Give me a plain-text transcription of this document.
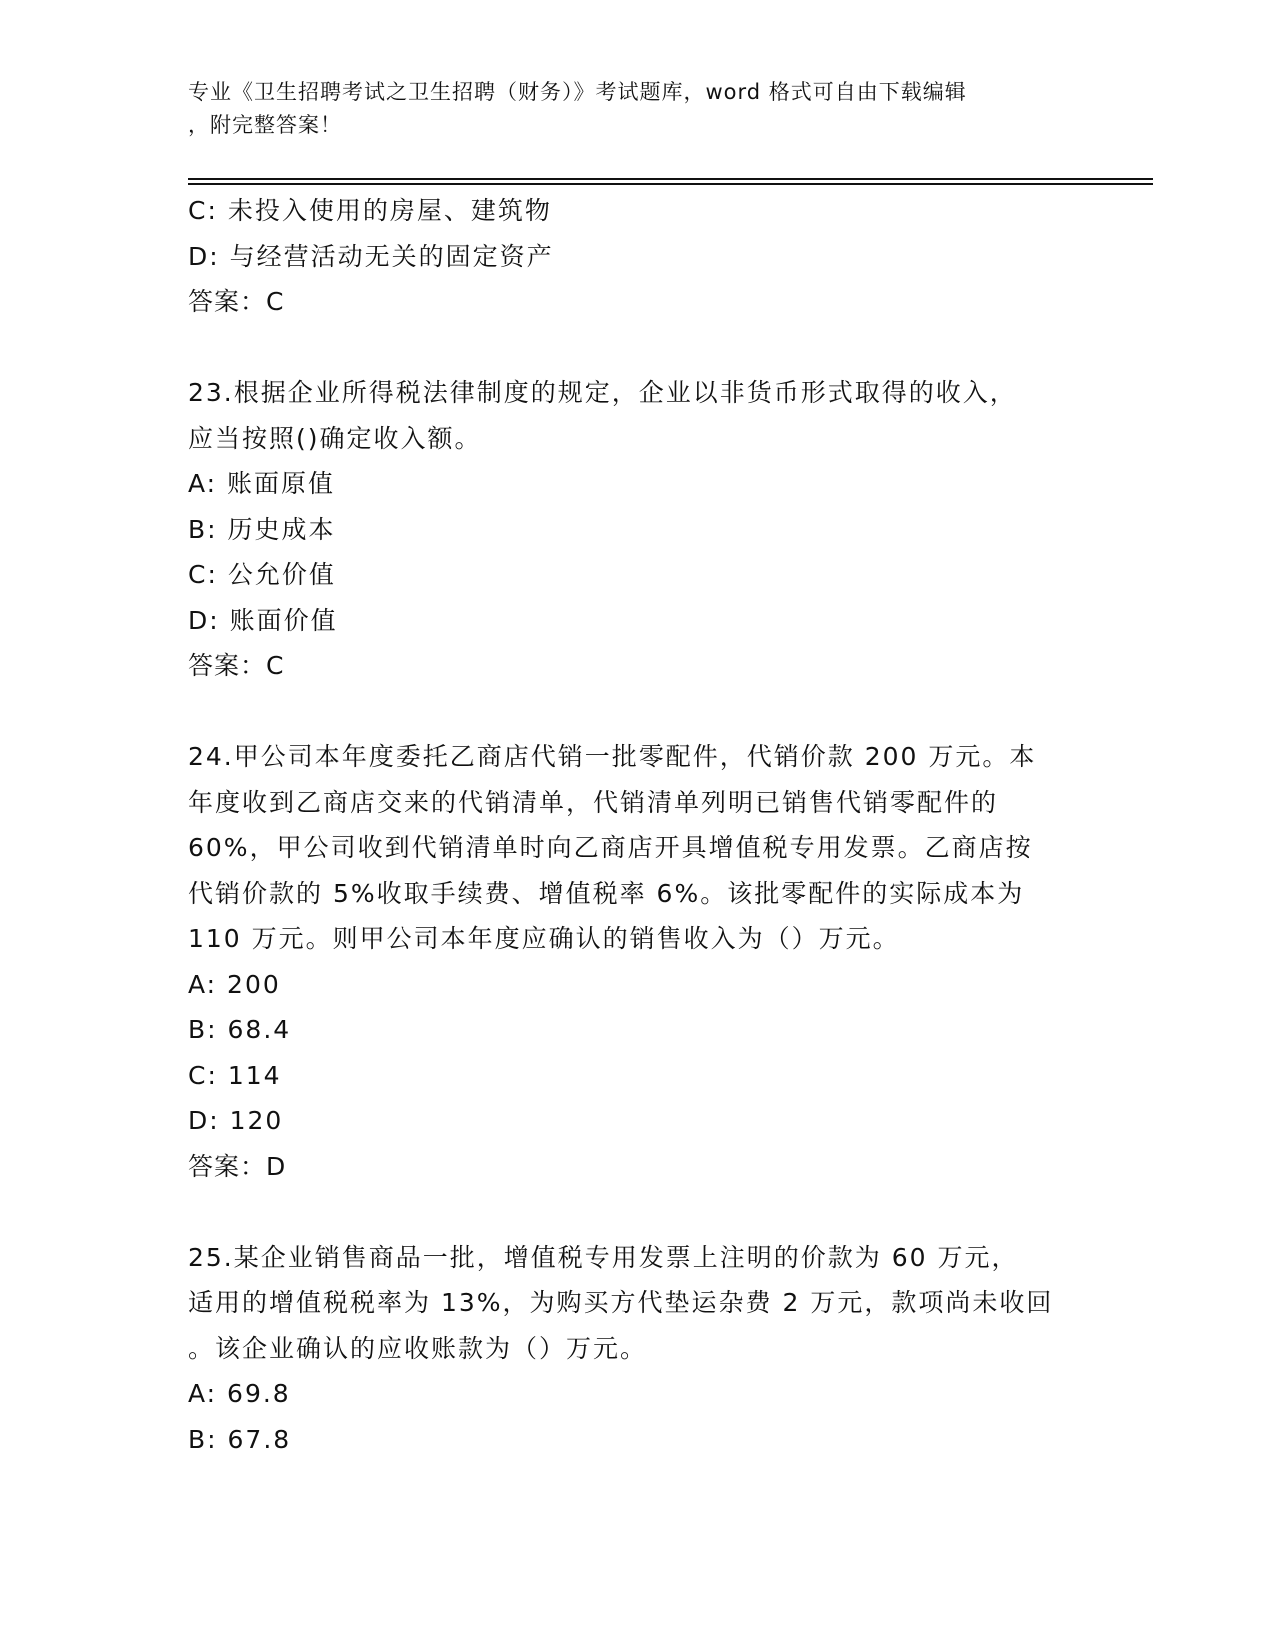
专业《卫生招聘考试之卫生招聘（财务）》考试题库，word 格式可自由下载编辑
，附完整答案！
C: 未投入使用的房屋、建筑物
D: 与经营活动无关的固定资产
答案：C
23.根据企业所得税法律制度的规定，企业以非货币形式取得的收入，
应当按照()确定收入额。
A: 账面原值
B: 历史成本
C: 公允价值
D: 账面价值
答案：C
24.甲公司本年度委托乙商店代销一批零配件，代销价款 200 万元。本
年度收到乙商店交来的代销清单，代销清单列明已销售代销零配件的
60%，甲公司收到代销清单时向乙商店开具增值税专用发票。乙商店按
代销价款的 5%收取手续费、增值税率 6%。该批零配件的实际成本为
110 万元。则甲公司本年度应确认的销售收入为（）万元。
A: 200
B: 68.4
C: 114
D: 120
答案：D
25.某企业销售商品一批，增值税专用发票上注明的价款为 60 万元，
适用的增值税税率为 13%，为购买方代垫运杂费 2 万元，款项尚未收回
。该企业确认的应收账款为（）万元。
A: 69.8
B: 67.8
